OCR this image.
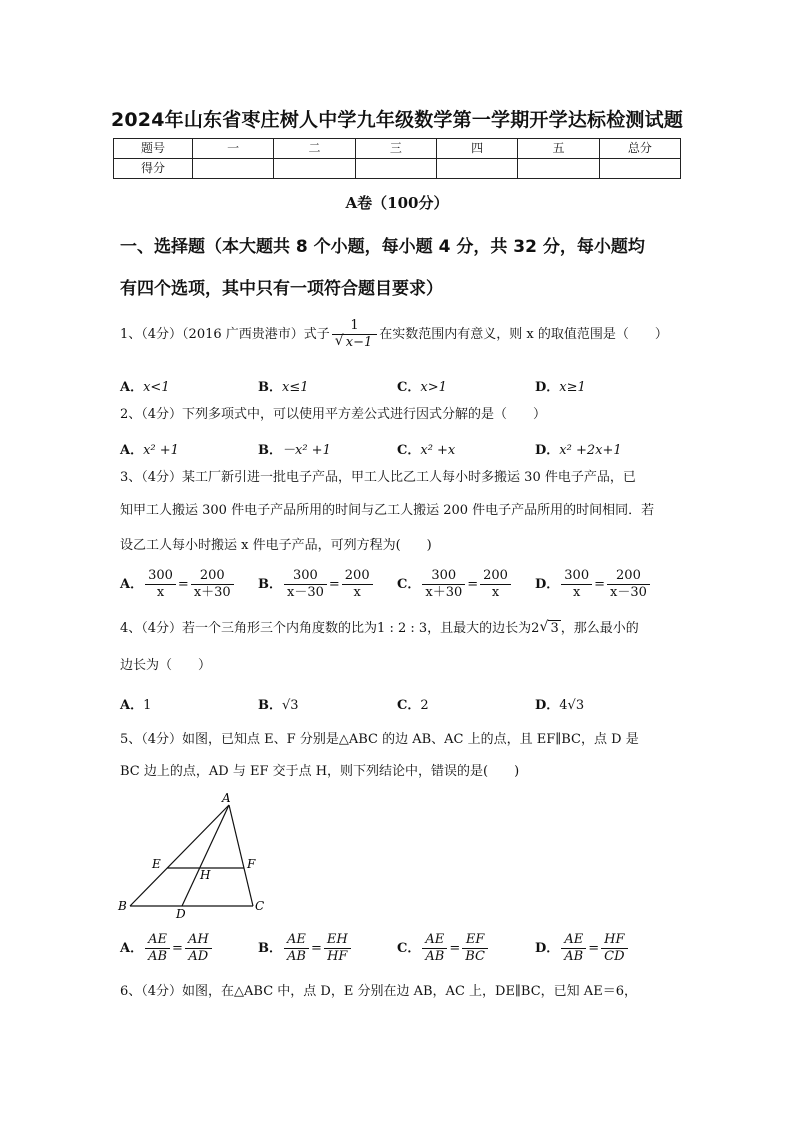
2024年山东省枣庄树人中学九年级数学第一学期开学达标检测试题
题号	一	二	三	四	五	总分
得分						
A卷（100分）
一、选择题（本大题共 8 个小题，每小题 4 分，共 32 分，每小题均
有四个选项，其中只有一项符合题目要求）
1、（4分）（2016 广西贵港市）式子 $\frac{1}{√ x-1}$ 在实数范围内有意义，则 x 的取值范围是（　　）
A．x<1	B．x≤1	C．x>1	D．x≥1
2、（4分）下列多项式中，可以使用平方差公式进行因式分解的是（　　）
A．x² +1	B．－x² +1	C．x² +x	D．x² +2x+1
3、（4分）某工厂新引进一批电子产品，甲工人比乙工人每小时多搬运 30 件电子产品，已
知甲工人搬运 300 件电子产品所用的时间与乙工人搬运 200 件电子产品所用的时间相同．若
设乙工人每小时搬运 x 件电子产品，可列方程为(　　)
A． $\frac{300}{x} = \frac{200}{x+30}$ B． $\frac{300}{x-30} = \frac{200}{x}$ C． $\frac{300}{x+30} = \frac{200}{x}$ D． $\frac{300}{x} = \frac{200}{x-30}$
4、（4分）若一个三角形三个内角度数的比为1 : 2 : 3，且最大的边长为2 √ 3 ，那么最小的
边长为（　　）
A．1	B．√3	C．2	D．4√3
5、（4分）如图，已知点 E、F 分别是△ABC 的边 AB、AC 上的点，且 EF∥BC，点 D 是
BC 边上的点，AD 与 EF 交于点 H，则下列结论中，错误的是(　　)
A
E	F
H
B
D
C
A． $\frac{AE}{AB} = \frac{AH}{AD}$	B． $\frac{AE}{AB} = \frac{EH}{HF}$	C． $\frac{AE}{AB} = \frac{EF}{BC}$	D． $\frac{AE}{AB} = \frac{HF}{CD}$
6、（4分）如图，在△ABC 中，点 D，E 分别在边 AB，AC 上，DE∥BC，已知 AE＝6，
